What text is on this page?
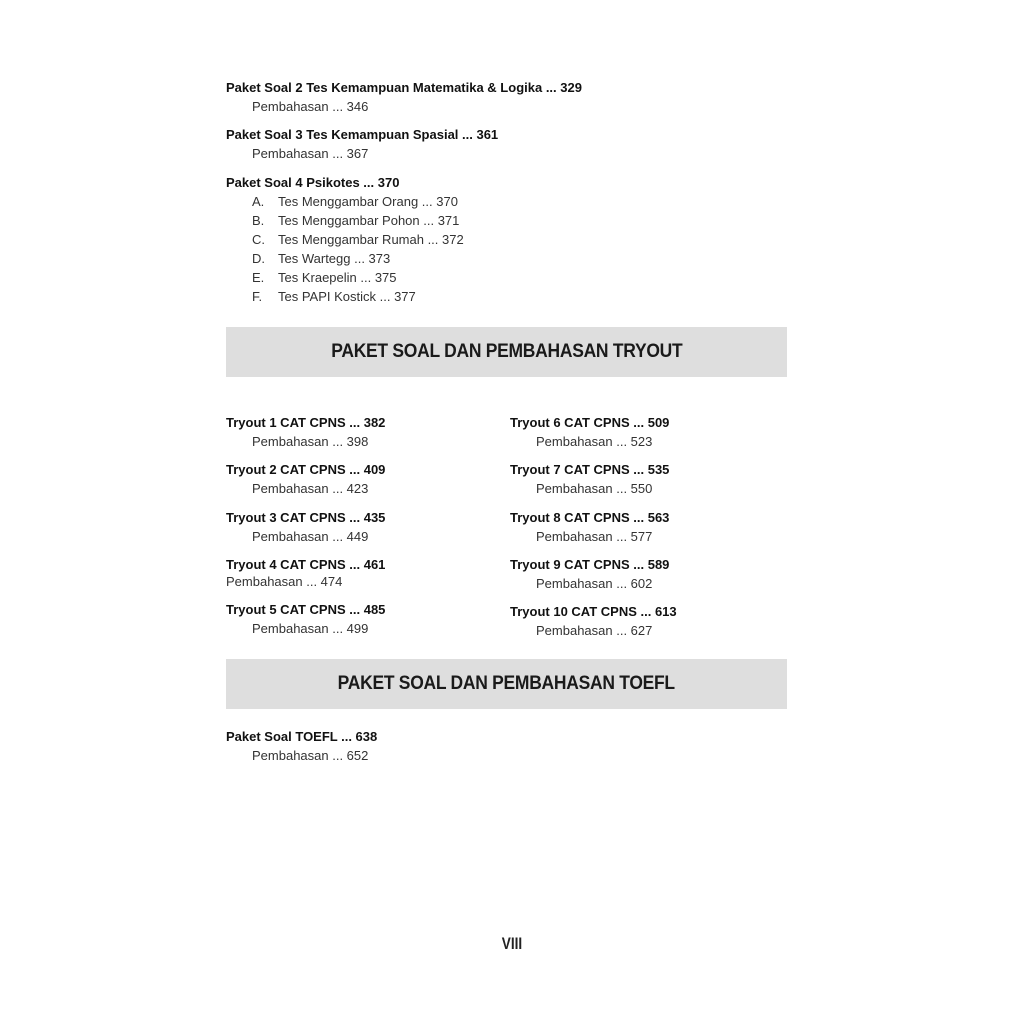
Paket Soal 2 Tes Kemampuan Matematika & Logika ... 329
Pembahasan ... 346
Paket Soal 3 Tes Kemampuan Spasial ... 361
Pembahasan ... 367
Paket Soal 4 Psikotes ... 370
A. Tes Menggambar Orang ... 370
B. Tes Menggambar Pohon ... 371
C. Tes Menggambar Rumah ... 372
D. Tes Wartegg ... 373
E. Tes Kraepelin ... 375
F. Tes PAPI Kostick ... 377
PAKET SOAL DAN PEMBAHASAN TRYOUT
Tryout 1 CAT CPNS ... 382
Pembahasan ... 398
Tryout 2 CAT CPNS ... 409
Pembahasan ... 423
Tryout 3 CAT CPNS ... 435
Pembahasan ... 449
Tryout 4 CAT CPNS ... 461
Pembahasan ... 474
Tryout 5 CAT CPNS ... 485
Pembahasan ... 499
Tryout 6 CAT CPNS ... 509
Pembahasan ... 523
Tryout 7 CAT CPNS ... 535
Pembahasan ... 550
Tryout 8 CAT CPNS ... 563
Pembahasan ... 577
Tryout 9 CAT CPNS ... 589
Pembahasan ... 602
Tryout 10 CAT CPNS ... 613
Pembahasan ... 627
PAKET SOAL DAN PEMBAHASAN TOEFL
Paket Soal TOEFL ... 638
Pembahasan ... 652
VIII
